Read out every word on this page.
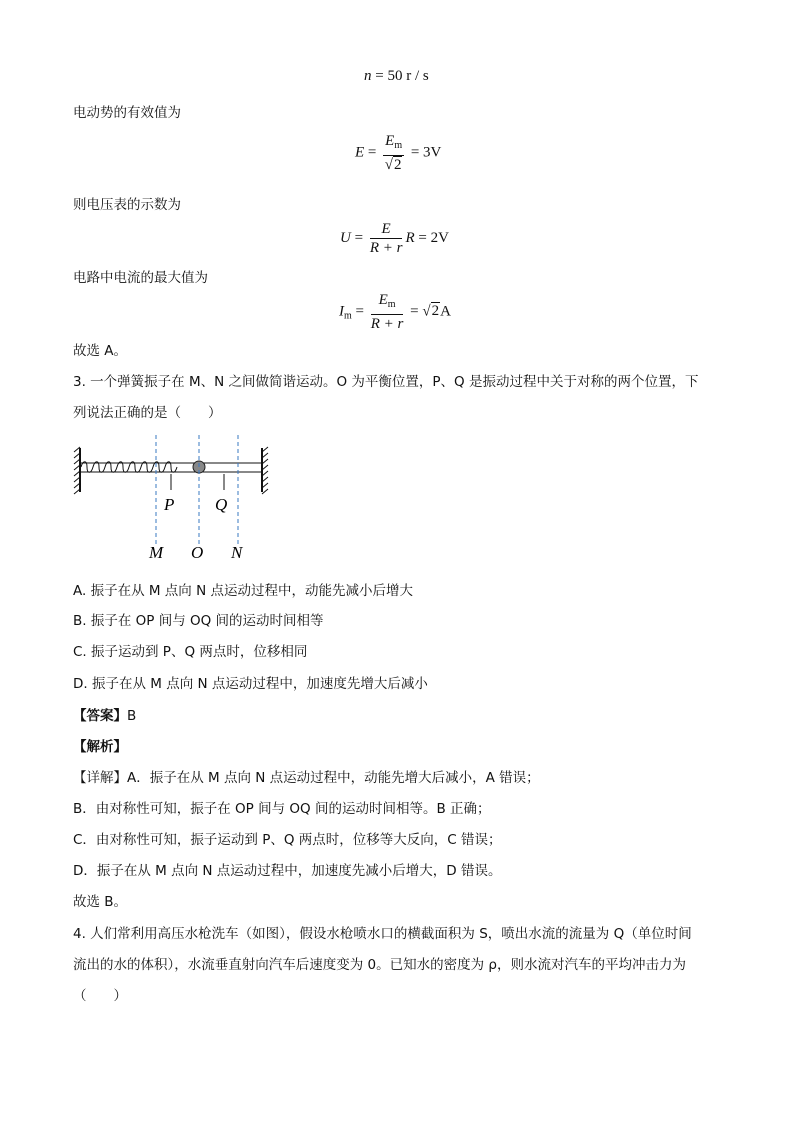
n = 50 r / s
电动势的有效值为
$E = \frac{E_m}{√2} = 3V$
则电压表的示数为
$U = \frac{E}{R + r}$ R = 2V
电路中电流的最大值为
$I_m = \frac{E_m}{R + r} = √2A$
故选 A。
3. 一个弹簧振子在 M、N 之间做简谐运动。O 为平衡位置，P、Q 是振动过程中关于对称的两个位置，下
列说法正确的是（　　）
P Q
M O N
A. 振子在从 M 点向 N 点运动过程中，动能先减小后增大
B. 振子在 OP 间与 OQ 间的运动时间相等
C. 振子运动到 P、Q 两点时，位移相同
D. 振子在从 M 点向 N 点运动过程中，加速度先增大后减小
【答案】B
【解析】
【详解】A．振子在从 M 点向 N 点运动过程中，动能先增大后减小，A 错误；
B．由对称性可知，振子在 OP 间与 OQ 间的运动时间相等。B 正确；
C．由对称性可知，振子运动到 P、Q 两点时，位移等大反向，C 错误；
D．振子在从 M 点向 N 点运动过程中，加速度先减小后增大，D 错误。
故选 B。
4. 人们常利用高压水枪洗车（如图），假设水枪喷水口的横截面积为 S，喷出水流的流量为 Q（单位时间
流出的水的体积），水流垂直射向汽车后速度变为 0。已知水的密度为 ρ，则水流对汽车的平均冲击力为
（　　）
